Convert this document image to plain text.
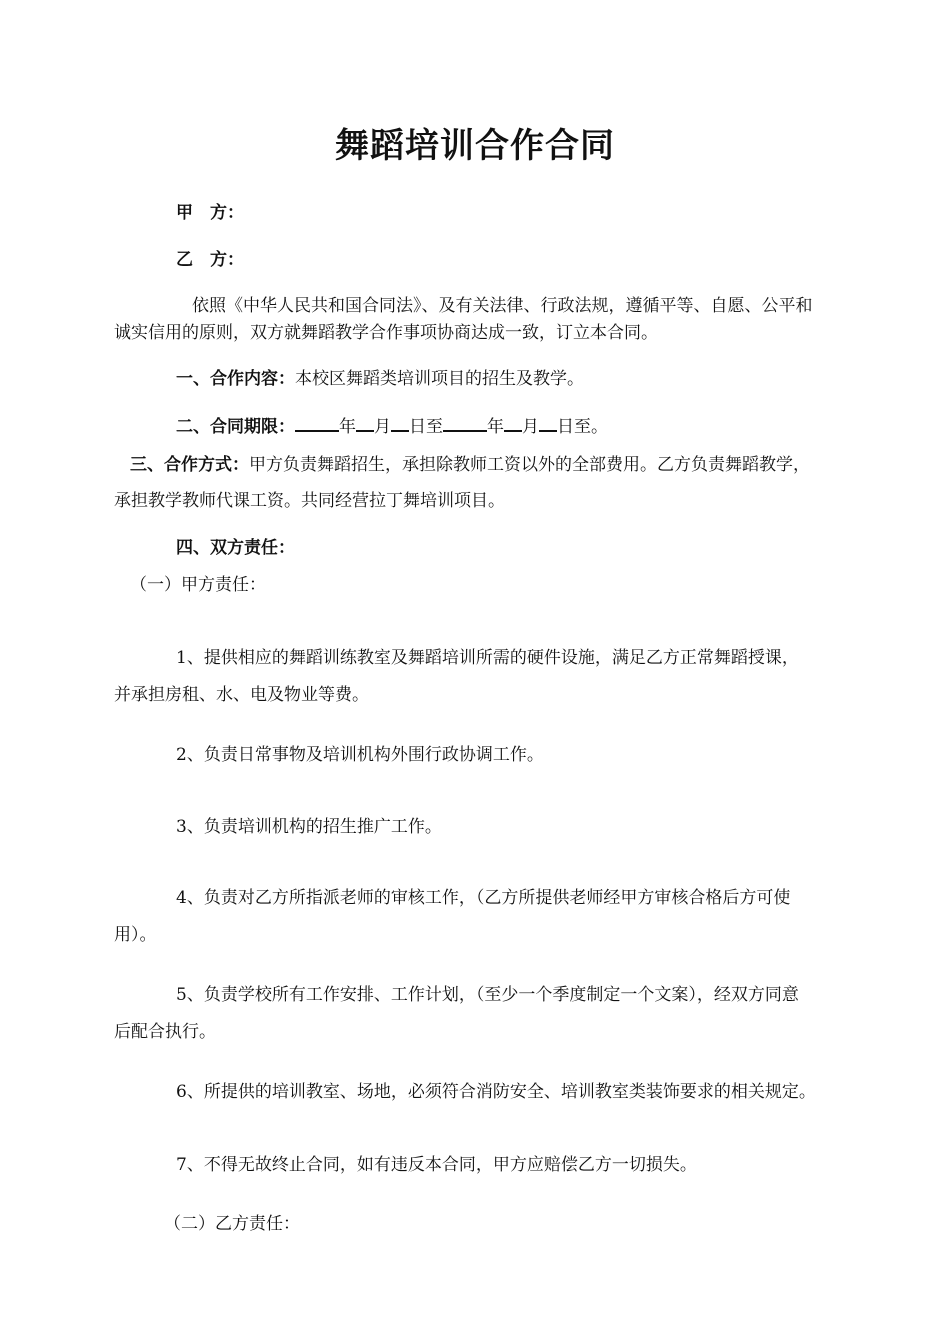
舞蹈培训合作合同
甲　方：
乙　方：
依照《中华人民共和国合同法》、及有关法律、行政法规，遵循平等、自愿、公平和
诚实信用的原则，双方就舞蹈教学合作事项协商达成一致，订立本合同。
一、合作内容：本校区舞蹈类培训项目的招生及教学。
二、合同期限：	年 月 日至	年 月 日至。
三、合作方式：甲方负责舞蹈招生，承担除教师工资以外的全部费用。乙方负责舞蹈教学，
承担教学教师代课工资。共同经营拉丁舞培训项目。
四、双方责任：
（一）甲方责任：
1、提供相应的舞蹈训练教室及舞蹈培训所需的硬件设施，满足乙方正常舞蹈授课，
并承担房租、水、电及物业等费。
2、负责日常事物及培训机构外围行政协调工作。
3、负责培训机构的招生推广工作。
4、负责对乙方所指派老师的审核工作，（乙方所提供老师经甲方审核合格后方可使
用）。
5、负责学校所有工作安排、工作计划，（至少一个季度制定一个文案），经双方同意
后配合执行。
6、所提供的培训教室、场地，必须符合消防安全、培训教室类装饰要求的相关规定。
7、不得无故终止合同，如有违反本合同，甲方应赔偿乙方一切损失。
（二）乙方责任：
